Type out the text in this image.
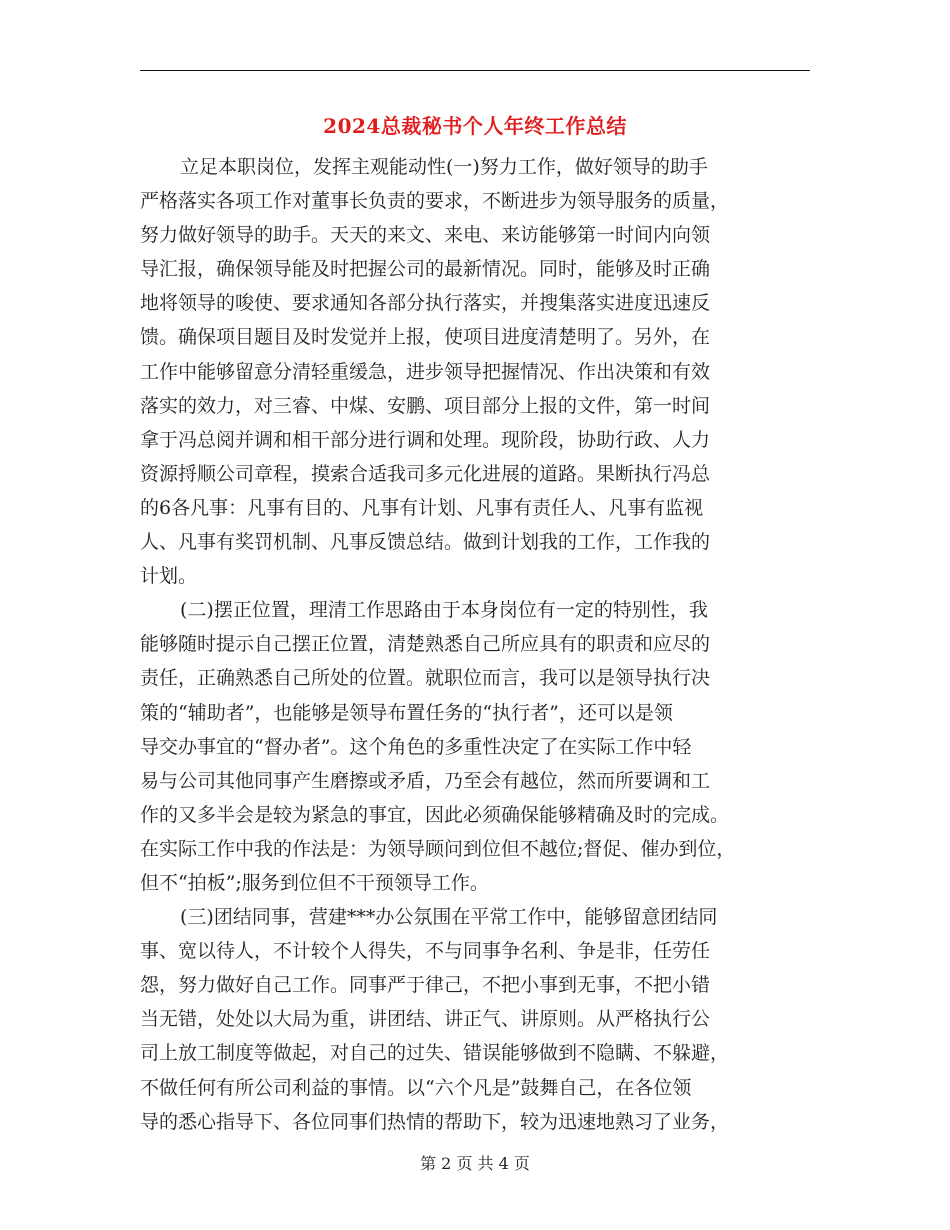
2024总裁秘书个人年终工作总结
立足本职岗位，发挥主观能动性(一)努力工作，做好领导的助手
严格落实各项工作对董事长负责的要求，不断进步为领导服务的质量，
努力做好领导的助手。天天的来文、来电、来访能够第一时间内向领
导汇报，确保领导能及时把握公司的最新情况。同时，能够及时正确
地将领导的唆使、要求通知各部分执行落实，并搜集落实进度迅速反
馈。确保项目题目及时发觉并上报，使项目进度清楚明了。另外，在
工作中能够留意分清轻重缓急，进步领导把握情况、作出决策和有效
落实的效力，对三睿、中煤、安鹏、项目部分上报的文件，第一时间
拿于冯总阅并调和相干部分进行调和处理。现阶段，协助行政、人力
资源捋顺公司章程，摸索合适我司多元化进展的道路。果断执行冯总
的6各凡事：凡事有目的、凡事有计划、凡事有责任人、凡事有监视
人、凡事有奖罚机制、凡事反馈总结。做到计划我的工作，工作我的
计划。
(二)摆正位置，理清工作思路由于本身岗位有一定的特别性，我
能够随时提示自己摆正位置，清楚熟悉自己所应具有的职责和应尽的
责任，正确熟悉自己所处的位置。就职位而言，我可以是领导执行决
策的“辅助者”，也能够是领导布置任务的“执行者”，还可以是领
导交办事宜的“督办者”。这个角色的多重性决定了在实际工作中轻
易与公司其他同事产生磨擦或矛盾，乃至会有越位，然而所要调和工
作的又多半会是较为紧急的事宜，因此必须确保能够精确及时的完成。
在实际工作中我的作法是：为领导顾问到位但不越位;督促、催办到位，
但不“拍板”;服务到位但不干预领导工作。
(三)团结同事，营建***办公氛围在平常工作中，能够留意团结同
事、宽以待人，不计较个人得失，不与同事争名利、争是非，任劳任
怨，努力做好自己工作。同事严于律己，不把小事到无事，不把小错
当无错，处处以大局为重，讲团结、讲正气、讲原则。从严格执行公
司上放工制度等做起，对自己的过失、错误能够做到不隐瞒、不躲避，
不做任何有所公司利益的事情。以“六个凡是”鼓舞自己，在各位领
导的悉心指导下、各位同事们热情的帮助下，较为迅速地熟习了业务，
第 2 页 共 4 页
